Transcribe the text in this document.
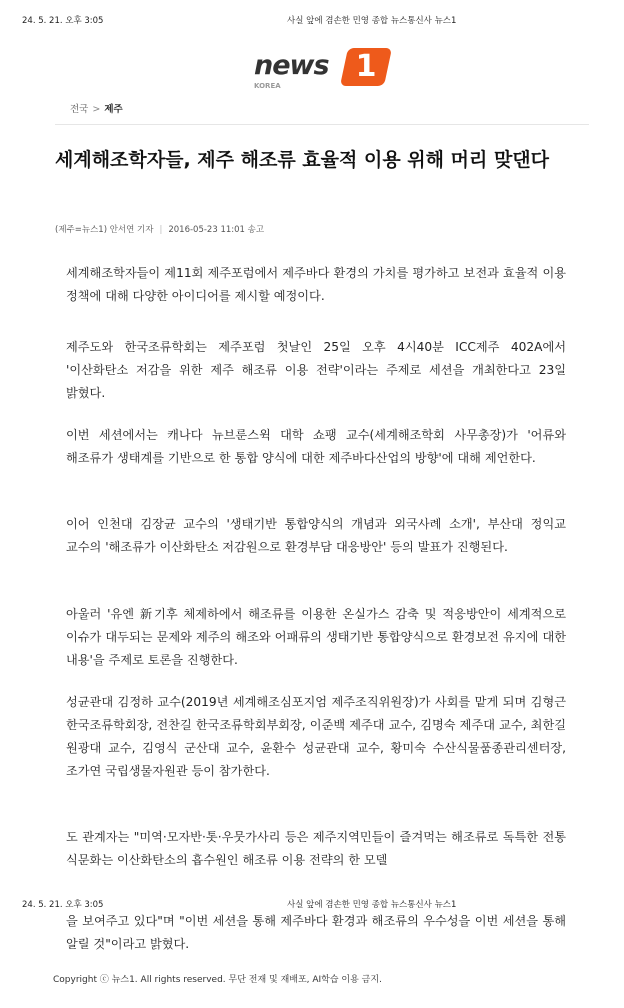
24. 5. 21. 오후 3:05	사실 앞에 겸손한 민영 종합 뉴스통신사 뉴스1
news 1
KOREA
전국 > 제주
세계해조학자들, 제주 해조류 효율적 이용 위해 머리 맞댄다
(제주=뉴스1) 안서연 기자 | 2016-05-23 11:01 송고

세계해조학자들이 제11회 제주포럼에서 제주바다 환경의 가치를 평가하고 보전과 효율적 이용 정책에 대해 다양한 아이디어를 제시할 예정이다.

제주도와 한국조류학회는 제주포럼 첫날인 25일 오후 4시40분 ICC제주 402A에서 '이산화탄소 저감을 위한 제주 해조류 이용 전략'이라는 주제로 세션을 개최한다고 23일 밝혔다.

이번 세션에서는 캐나다 뉴브룬스윅 대학 쇼팽 교수(세계해조학회 사무총장)가 '어류와 해조류가 생태계를 기반으로 한 통합 양식에 대한 제주바다산업의 방향'에 대해 제언한다.

이어 인천대 김장균 교수의 '생태기반 통합양식의 개념과 외국사례 소개', 부산대 정익교 교수의 '해조류가 이산화탄소 저감원으로 환경부담 대응방안' 등의 발표가 진행된다.

아울러 '유엔 新기후 체제하에서 해조류를 이용한 온실가스 감축 및 적응방안이 세계적으로 이슈가 대두되는 문제와 제주의 해조와 어패류의 생태기반 통합양식으로 환경보전 유지에 대한 내용'을 주제로 토론을 진행한다.

성균관대 김정하 교수(2019년 세계해조심포지엄 제주조직위원장)가 사회를 맡게 되며 김형근 한국조류학회장, 전찬길 한국조류학회부회장, 이준백 제주대 교수, 김명숙 제주대 교수, 최한길 원광대 교수, 김영식 군산대 교수, 윤환수 성균관대 교수, 황미숙 수산식물품종관리센터장, 조가연 국립생물자원관 등이 참가한다.

도 관계자는 "미역·모자반·톳·우뭇가사리 등은 제주지역민들이 즐겨먹는 해조류로 독특한 전통 식문화는 이산화탄소의 흡수원인 해조류 이용 전략의 한 모델

24. 5. 21. 오후 3:05	사실 앞에 겸손한 민영 종합 뉴스통신사 뉴스1

을 보여주고 있다"며 "이번 세션을 통해 제주바다 환경과 해조류의 우수성을 이번 세션을 통해 알릴 것"이라고 밝혔다.

Copyright ⓒ 뉴스1. All rights reserved. 무단 전재 및 재배포, AI학습 이용 금지.
